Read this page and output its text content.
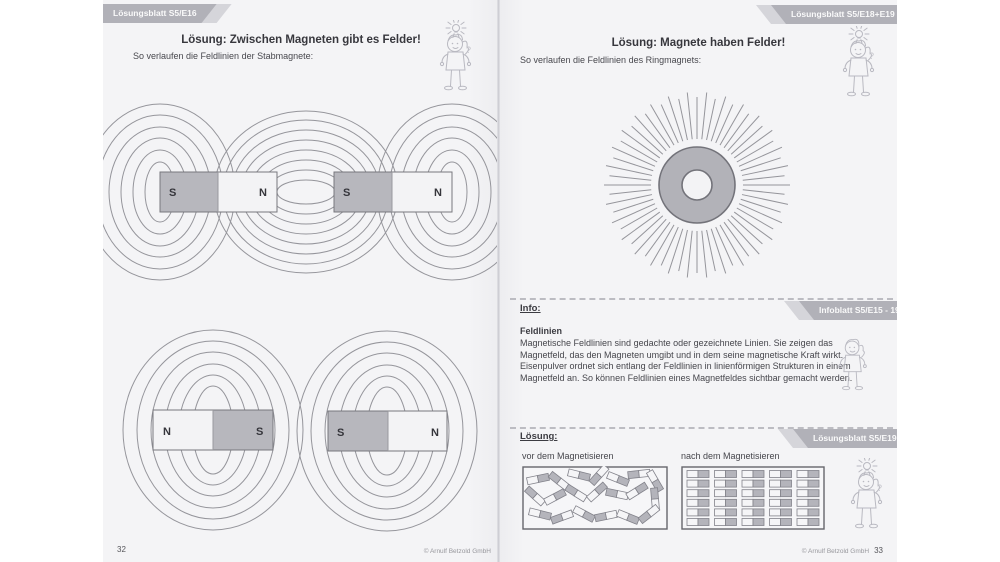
Lösungsblatt S5/E16
Lösung: Zwischen Magneten gibt es Felder!

So verlaufen die Feldlinien der Stabmagnete:

?
S	N	S	N
N	S	S	N
32	© Arnulf Betzold GmbH
Lösungsblatt S5/E18+E19
Lösung: Magnete haben Felder!

So verlaufen die Feldlinien des Ringmagnets:	?
Info:	Infoblatt S5/E15 - 19
Feldlinien
Magnetische Feldlinien sind gedachte oder gezeichnete Linien. Sie zeigen das
Magnetfeld, das den Magneten umgibt und in dem seine magnetische Kraft wirkt.
Eisenpulver ordnet sich entlang der Feldlinien in linienförmigen Strukturen in einem
Magnetfeld an. So können Feldlinien eines Magnetfeldes sichtbar gemacht werden.
Lösung:	Lösungsblatt S5/E19
vor dem Magnetisieren	nach dem Magnetisieren
?
© Arnulf Betzold GmbH 33
